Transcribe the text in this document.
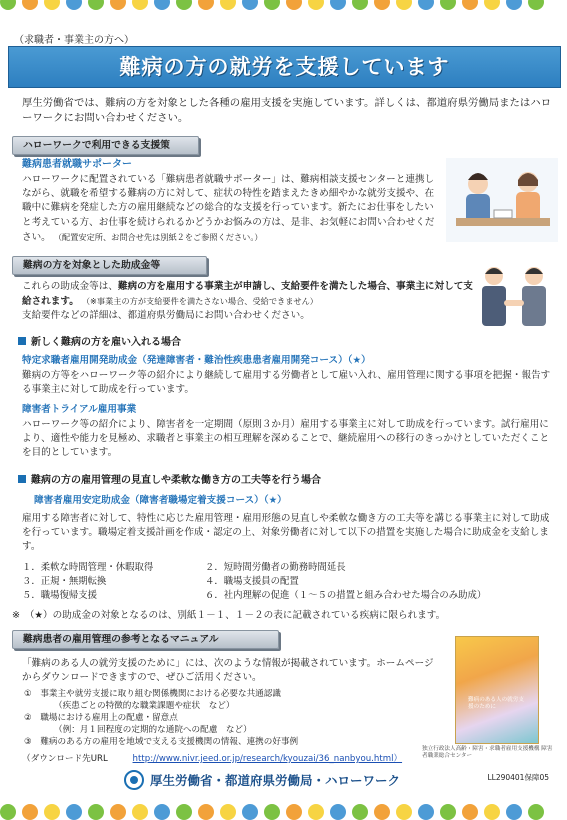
（求職者・事業主の方へ）
難病の方の就労を支援しています
厚生労働省では、難病の方を対象とした各種の雇用支援を実施しています。詳しくは、都道府県労働局またはハローワークにお問い合わせください。
ハローワークで利用できる支援策
難病患者就職サポーター
ハローワークに配置されている「難病患者就職サポーター」は、難病相談支援センターと連携しながら、就職を希望する難病の方に対して、症状の特性を踏まえたきめ細やかな就労支援や、在職中に難病を発症した方の雇用継続などの総合的な支援を行っています。新たにお仕事をしたいと考えている方、お仕事を続けられるかどうかお悩みの方は、是非、お気軽にお問い合わせください。 （配置安定所、お問合せ先は別紙２をご参照ください。）
難病の方を対象とした助成金等
これらの助成金等は、難病の方を雇用する事業主が申請し、支給要件を満たした場合、事業主に対して支給されます。 （※事業主の方が支給要件を満たさない場合、受給できません）
支給要件などの詳細は、都道府県労働局にお問い合わせください。
新しく難病の方を雇い入れる場合
特定求職者雇用開発助成金（発達障害者・難治性疾患患者雇用開発コース）（★）
難病の方等をハローワーク等の紹介により継続して雇用する労働者として雇い入れ、雇用管理に関する事項を把握・報告する事業主に対して助成を行っています。
障害者トライアル雇用事業
ハローワーク等の紹介により、障害者を一定期間（原則３か月）雇用する事業主に対して助成を行っています。試行雇用により、適性や能力を見極め、求職者と事業主の相互理解を深めることで、継続雇用への移行のきっかけとしていただくことを目的としています。
難病の方の雇用管理の見直しや柔軟な働き方の工夫等を行う場合
障害者雇用安定助成金（障害者職場定着支援コース）（★）
雇用する障害者に対して、特性に応じた雇用管理・雇用形態の見直しや柔軟な働き方の工夫等を講じる事業主に対して助成を行っています。職場定着支援計画を作成・認定の上、対象労働者に対して以下の措置を実施した場合に助成金を支給します。
１．柔軟な時間管理・休暇取得	２．短時間労働者の勤務時間延長
３．正規・無期転換	４．職場支援員の配置
５．職場復帰支援	６．社内理解の促進（１～５の措置と組み合わせた場合のみ助成）
※　（★）の助成金の対象となるのは、別紙１－１、１－２の表に記載されている疾病に限られます。
難病患者の雇用管理の参考となるマニュアル
「難病のある人の就労支援のために」には、次のような情報が掲載されています。ホームページからダウンロードできますので、ぜひご活用ください。
①　事業主や就労支援に取り組む関係機関における必要な共通認識
（疾患ごとの特徴的な職業課題や症状　など）
②　職場における雇用上の配慮・留意点
（例：月１回程度の定期的な通院への配慮　など）
③　難病のある方の雇用を地域で支える支援機関の情報、連携の好事例
（ダウンロード先URL	http://www.nivr.jeed.or.jp/research/kyouzai/36_nanbyou.html）
難病のある人の就労支援のために
独立行政法人高齢・障害・求職者雇用支援機構 障害者職業総合センター
厚生労働省・都道府県労働局・ハローワーク	LL290401保障05
